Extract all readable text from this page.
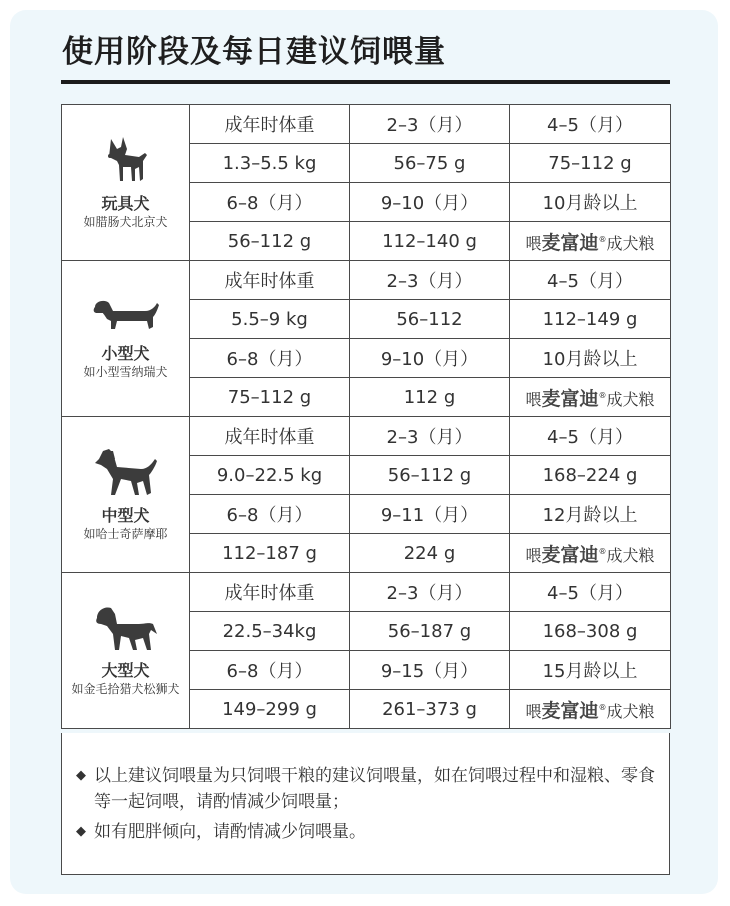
使用阶段及每日建议饲喂量
玩具犬
如腊肠犬北京犬	成年时体重	2–3（月）	4–5（月）
	1.3–5.5 kg	56–75 g	75–112 g
	6–8（月）	9–10（月）	10月龄以上
	56–112 g	112–140 g	喂麦富迪®成犬粮

小型犬
如小型雪纳瑞犬	成年时体重	2–3（月）	4–5（月）
	5.5–9 kg	56–112	112–149 g
	6–8（月）	9–10（月）	10月龄以上
	75–112 g	112 g	喂麦富迪®成犬粮

中型犬
如哈士奇萨摩耶	成年时体重	2–3（月）	4–5（月）
	9.0–22.5 kg	56–112 g	168–224 g
	6–8（月）	9–11（月）	12月龄以上
	112–187 g	224 g	喂麦富迪®成犬粮

大型犬
如金毛拾猎犬松狮犬	成年时体重	2–3（月）	4–5（月）
	22.5–34kg	56–187 g	168–308 g
	6–8（月）	9–15（月）	15月龄以上
	149–299 g	261–373 g	喂麦富迪®成犬粮
◆ 以上建议饲喂量为只饲喂干粮的建议饲喂量，如在饲喂过程中和湿粮、零食等一起饲喂，请酌情减少饲喂量；
◆ 如有肥胖倾向，请酌情减少饲喂量。
